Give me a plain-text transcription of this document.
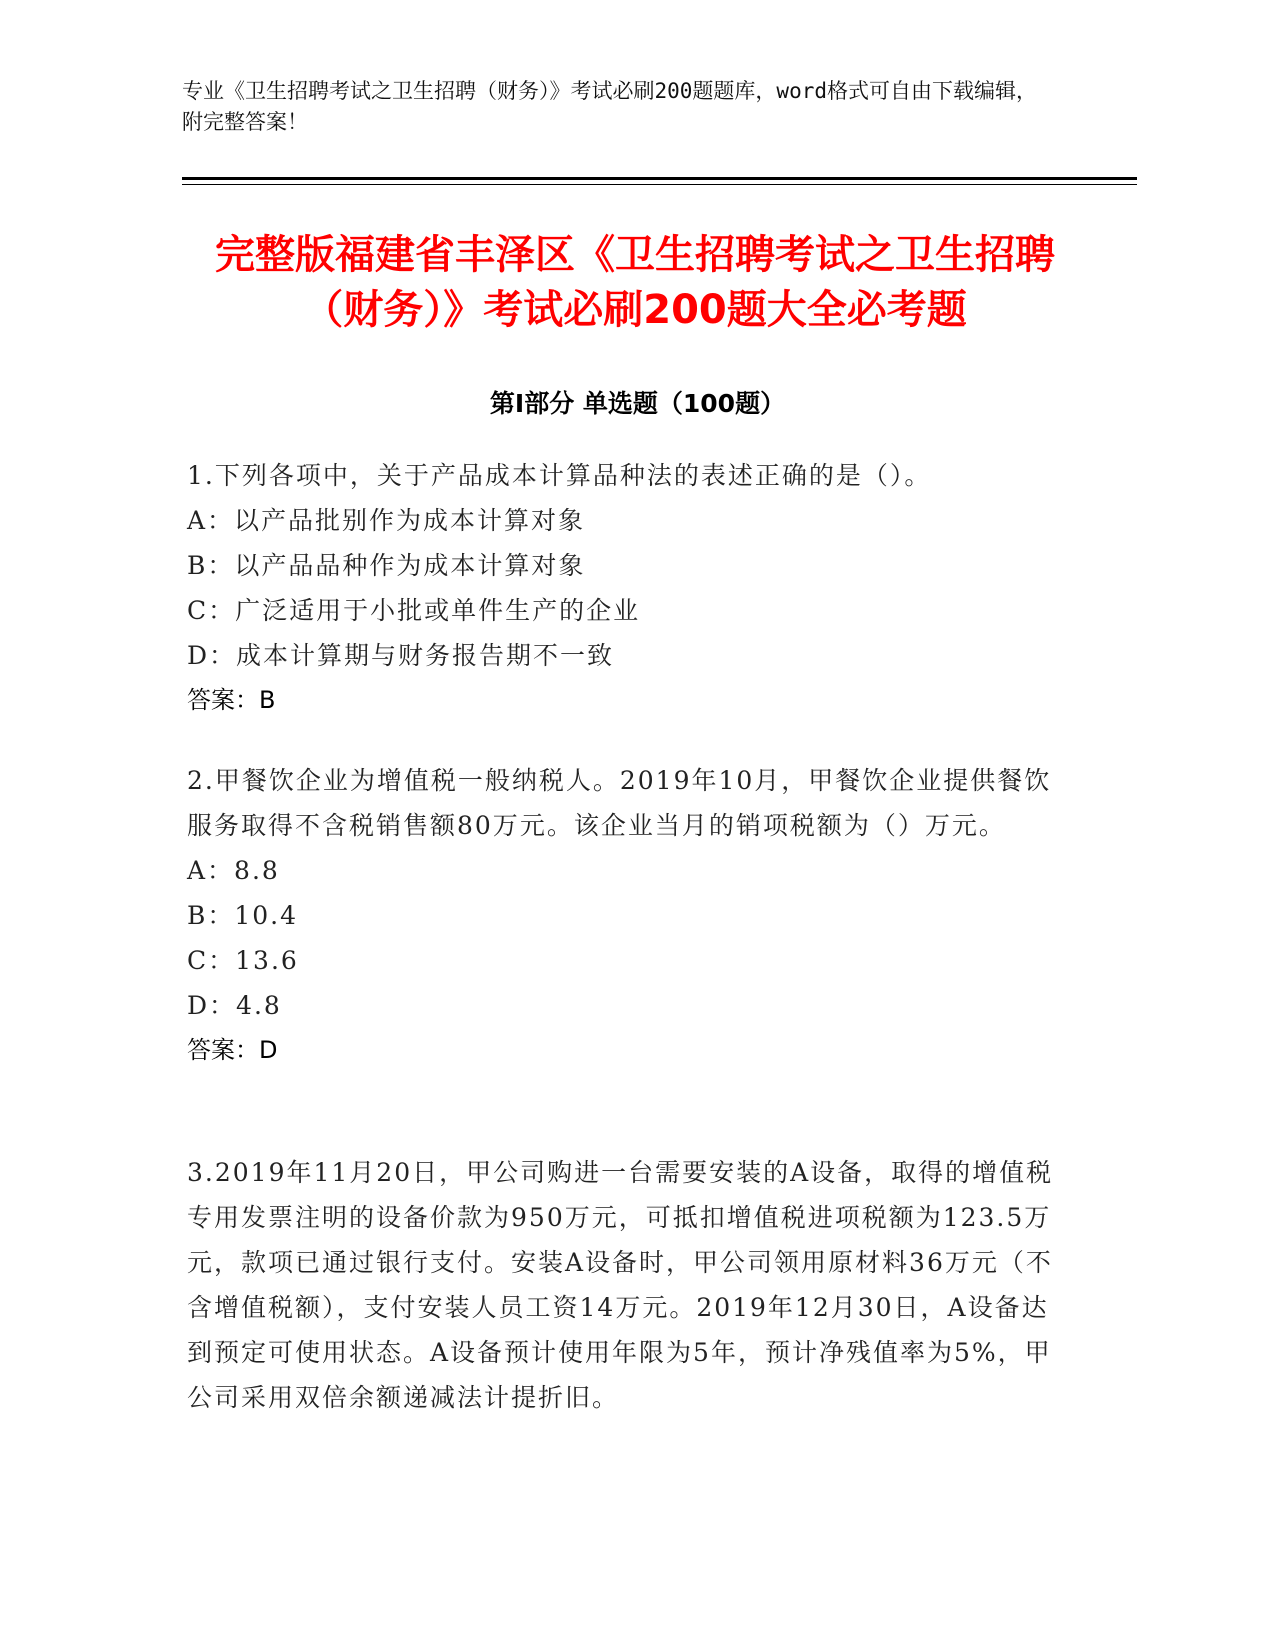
专业《卫生招聘考试之卫生招聘（财务）》考试必刷200题题库，word格式可自由下载编辑，附完整答案！
完整版福建省丰泽区《卫生招聘考试之卫生招聘（财务）》考试必刷200题大全必考题
第Ⅰ部分 单选题（100题）

1.下列各项中，关于产品成本计算品种法的表述正确的是（）。

A：以产品批别作为成本计算对象

B：以产品品种作为成本计算对象

C：广泛适用于小批或单件生产的企业

D：成本计算期与财务报告期不一致

答案：B

2.甲餐饮企业为增值税一般纳税人。2019年10月，甲餐饮企业提供餐饮服务取得不含税销售额80万元。该企业当月的销项税额为（）万元。

A：8.8

B：10.4

C：13.6

D：4.8

答案：D

3.2019年11月20日，甲公司购进一台需要安装的A设备，取得的增值税专用发票注明的设备价款为950万元，可抵扣增值税进项税额为123.5万元，款项已通过银行支付。安装A设备时，甲公司领用原材料36万元（不含增值税额），支付安装人员工资14万元。2019年12月30日，A设备达到预定可使用状态。A设备预计使用年限为5年，预计净残值率为5%，甲公司采用双倍余额递减法计提折旧。
